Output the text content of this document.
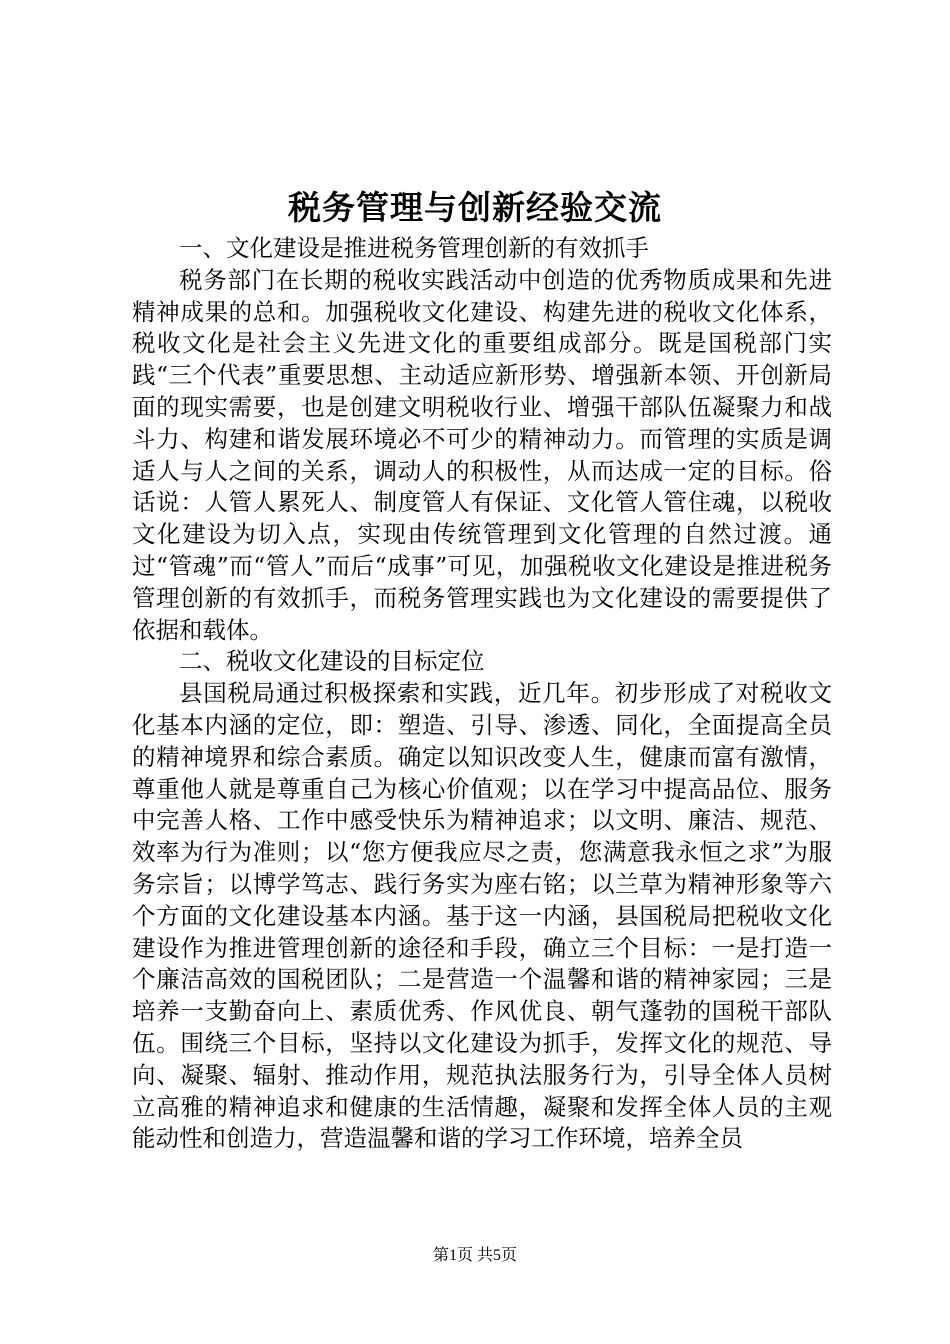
税务管理与创新经验交流

一、文化建设是推进税务管理创新的有效抓手

税务部门在长期的税收实践活动中创造的优秀物质成果和先进精神成果的总和。加强税收文化建设、构建先进的税收文化体系，税收文化是社会主义先进文化的重要组成部分。既是国税部门实践“三个代表”重要思想、主动适应新形势、增强新本领、开创新局面的现实需要，也是创建文明税收行业、增强干部队伍凝聚力和战斗力、构建和谐发展环境必不可少的精神动力。而管理的实质是调适人与人之间的关系，调动人的积极性，从而达成一定的目标。俗话说：人管人累死人、制度管人有保证、文化管人管住魂，以税收文化建设为切入点，实现由传统管理到文化管理的自然过渡。通过“管魂”而“管人”而后“成事”可见，加强税收文化建设是推进税务管理创新的有效抓手，而税务管理实践也为文化建设的需要提供了依据和载体。

二、税收文化建设的目标定位

县国税局通过积极探索和实践，近几年。初步形成了对税收文化基本内涵的定位，即：塑造、引导、渗透、同化，全面提高全员的精神境界和综合素质。确定以知识改变人生，健康而富有激情，尊重他人就是尊重自己为核心价值观；以在学习中提高品位、服务中完善人格、工作中感受快乐为精神追求；以文明、廉洁、规范、效率为行为准则；以“您方便我应尽之责，您满意我永恒之求”为服务宗旨；以博学笃志、践行务实为座右铭；以兰草为精神形象等六个方面的文化建设基本内涵。基于这一内涵，县国税局把税收文化建设作为推进管理创新的途径和手段，确立三个目标：一是打造一个廉洁高效的国税团队；二是营造一个温馨和谐的精神家园；三是培养一支勤奋向上、素质优秀、作风优良、朝气蓬勃的国税干部队伍。围绕三个目标，坚持以文化建设为抓手，发挥文化的规范、导向、凝聚、辐射、推动作用，规范执法服务行为，引导全体人员树立高雅的精神追求和健康的生活情趣，凝聚和发挥全体人员的主观能动性和创造力，营造温馨和谐的学习工作环境，培养全员

第1页 共5页
